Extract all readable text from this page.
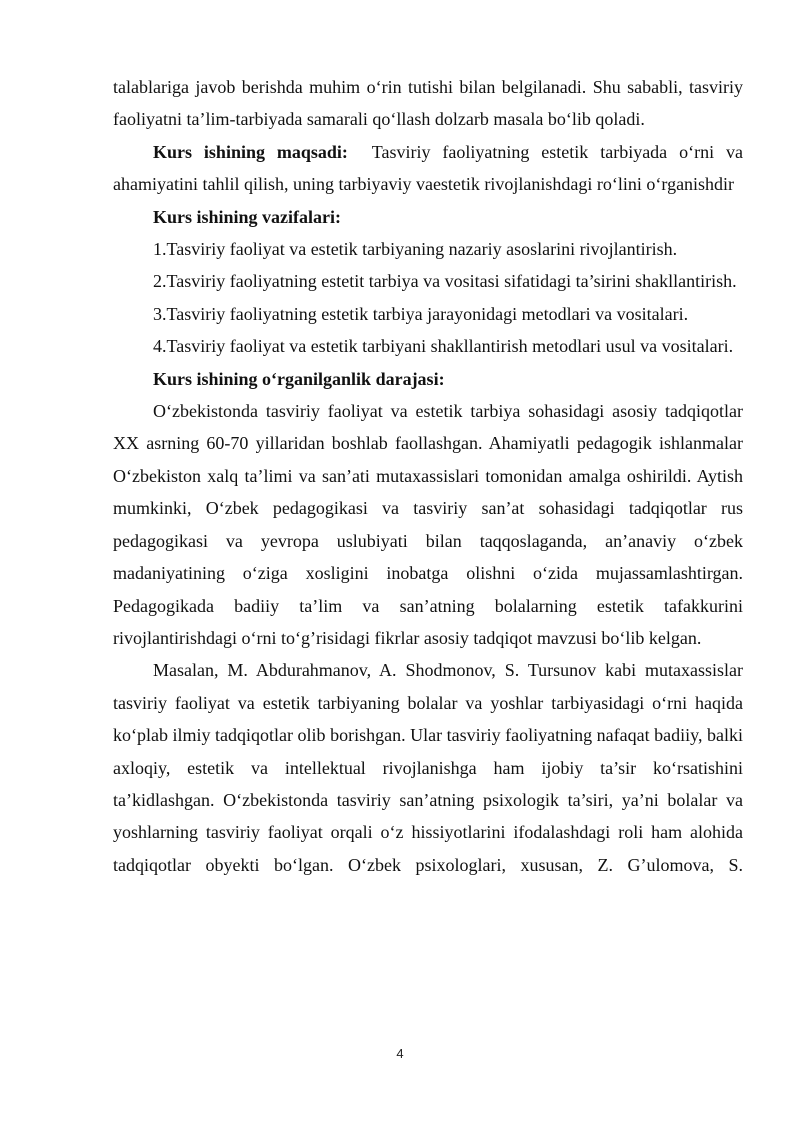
talablariga javob berishda muhim o‘rin tutishi bilan belgilanadi. Shu sababli, tasviriy faoliyatni ta’lim-tarbiyada samarali qo‘llash dolzarb masala bo‘lib qoladi.

Kurs ishining maqsadi: Tasviriy faoliyatning estetik tarbiyada o‘rni va ahamiyatini tahlil qilish, uning tarbiyaviy vaestetik rivojlanishdagi ro‘lini o‘rganishdir

Kurs ishining vazifalari:

1.Tasviriy faoliyat va estetik tarbiyaning nazariy asoslarini rivojlantirish.

2.Tasviriy faoliyatning estetit tarbiya va vositasi sifatidagi ta’sirini shakllantirish.

3.Tasviriy faoliyatning estetik tarbiya jarayonidagi metodlari va vositalari.

4.Tasviriy faoliyat va estetik tarbiyani shakllantirish metodlari usul va vositalari.

Kurs ishining o‘rganilganlik darajasi:

O‘zbekistonda tasviriy faoliyat va estetik tarbiya sohasidagi asosiy tadqiqotlar XX asrning 60-70 yillaridan boshlab faollashgan. Ahamiyatli pedagogik ishlanmalar O‘zbekiston xalq ta’limi va san’ati mutaxassislari tomonidan amalga oshirildi. Aytish mumkinki, O‘zbek pedagogikasi va tasviriy san’at sohasidagi tadqiqotlar rus pedagogikasi va yevropa uslubiyati bilan taqqoslaganda, an’anaviy o‘zbek madaniyatining o‘ziga xosligini inobatga olishni o‘zida mujassamlashtirgan. Pedagogikada badiiy ta’lim va san’atning bolalarning estetik tafakkurini rivojlantirishdagi o‘rni to‘g’risidagi fikrlar asosiy tadqiqot mavzusi bo‘lib kelgan.

Masalan, M. Abdurahmanov, A. Shodmonov, S. Tursunov kabi mutaxassislar tasviriy faoliyat va estetik tarbiyaning bolalar va yoshlar tarbiyasidagi o‘rni haqida ko‘plab ilmiy tadqiqotlar olib borishgan. Ular tasviriy faoliyatning nafaqat badiiy, balki axloqiy, estetik va intellektual rivojlanishga ham ijobiy ta’sir ko‘rsatishini ta’kidlashgan. O‘zbekistonda tasviriy san’atning psixologik ta’siri, ya’ni bolalar va yoshlarning tasviriy faoliyat orqali o‘z hissiyotlarini ifodalashdagi roli ham alohida tadqiqotlar obyekti bo‘lgan. O‘zbek psixologlari, xususan, Z. G’ulomova, S.

4
